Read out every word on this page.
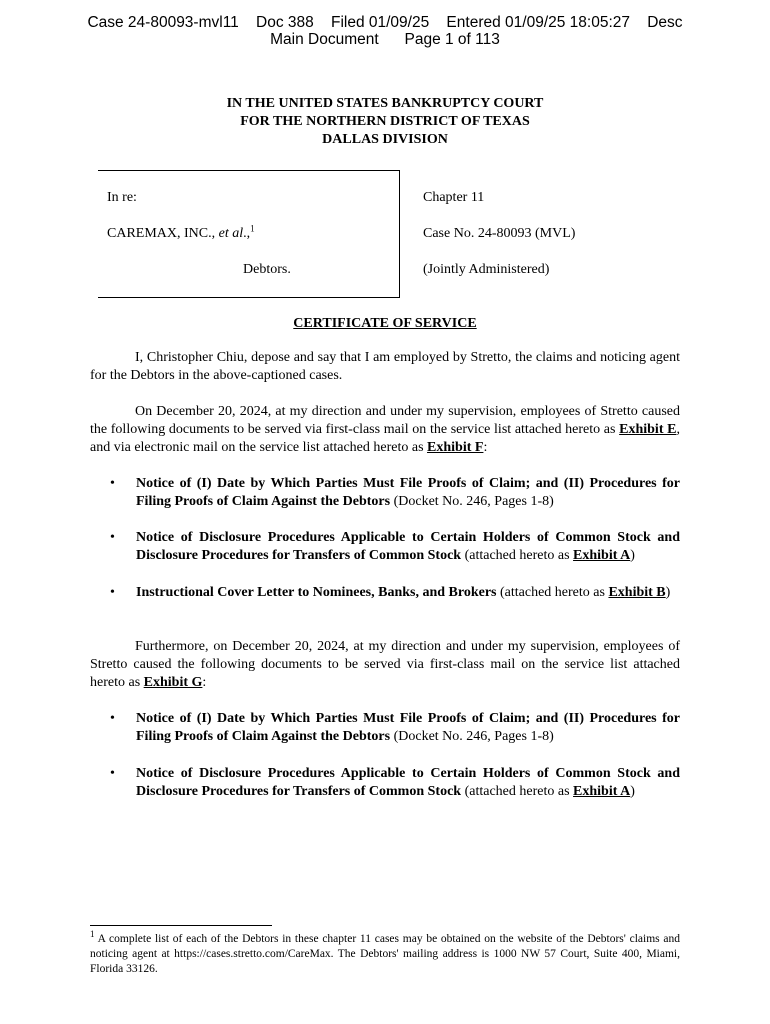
Case 24-80093-mvl11    Doc 388    Filed 01/09/25    Entered 01/09/25 18:05:27    Desc
Main Document      Page 1 of 113
IN THE UNITED STATES BANKRUPTCY COURT
FOR THE NORTHERN DISTRICT OF TEXAS
DALLAS DIVISION
In re:
CAREMAX, INC., et al.,$^1$
Debtors.
Chapter 11
Case No. 24-80093 (MVL)
(Jointly Administered)
CERTIFICATE OF SERVICE
I, Christopher Chiu, depose and say that I am employed by Stretto, the claims and noticing agent for the Debtors in the above-captioned cases.
On December 20, 2024, at my direction and under my supervision, employees of Stretto caused the following documents to be served via first-class mail on the service list attached hereto as Exhibit E, and via electronic mail on the service list attached hereto as Exhibit F:
• Notice of (I) Date by Which Parties Must File Proofs of Claim; and (II) Procedures for Filing Proofs of Claim Against the Debtors (Docket No. 246, Pages 1-8)
• Notice of Disclosure Procedures Applicable to Certain Holders of Common Stock and Disclosure Procedures for Transfers of Common Stock (attached hereto as Exhibit A)
• Instructional Cover Letter to Nominees, Banks, and Brokers (attached hereto as Exhibit B)
Furthermore, on December 20, 2024, at my direction and under my supervision, employees of Stretto caused the following documents to be served via first-class mail on the service list attached hereto as Exhibit G:
• Notice of (I) Date by Which Parties Must File Proofs of Claim; and (II) Procedures for Filing Proofs of Claim Against the Debtors (Docket No. 246, Pages 1-8)
• Notice of Disclosure Procedures Applicable to Certain Holders of Common Stock and Disclosure Procedures for Transfers of Common Stock (attached hereto as Exhibit A)
$^1$ A complete list of each of the Debtors in these chapter 11 cases may be obtained on the website of the Debtors' claims and noticing agent at https://cases.stretto.com/CareMax. The Debtors' mailing address is 1000 NW 57 Court, Suite 400, Miami, Florida 33126.
